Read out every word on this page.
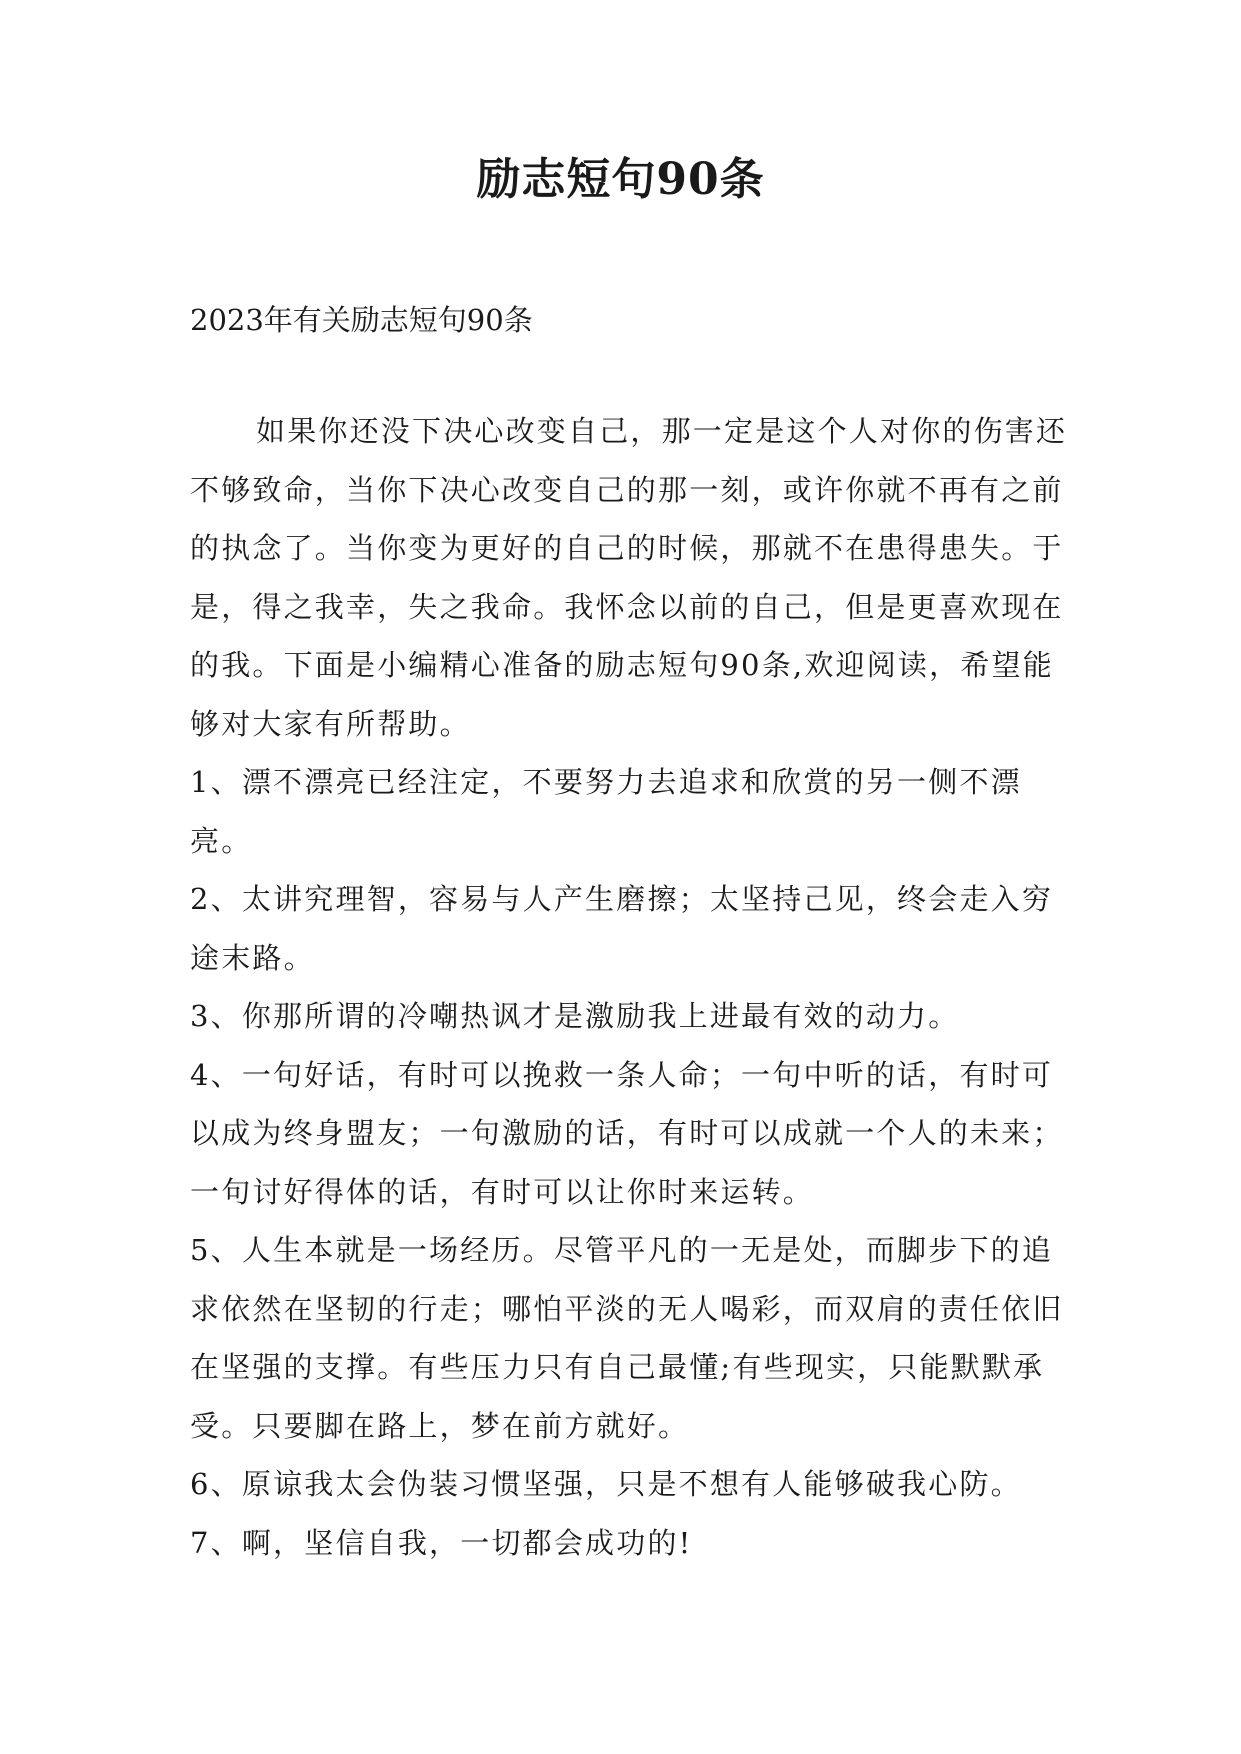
励志短句90条
2023年有关励志短句90条

如果你还没下决心改变自己，那一定是这个人对你的伤害还不够致命，当你下决心改变自己的那一刻，或许你就不再有之前的执念了。当你变为更好的自己的时候，那就不在患得患失。于是，得之我幸，失之我命。我怀念以前的自己，但是更喜欢现在的我。下面是小编精心准备的励志短句90条,欢迎阅读，希望能够对大家有所帮助。

1、漂不漂亮已经注定，不要努力去追求和欣赏的另一侧不漂亮。

2、太讲究理智，容易与人产生磨擦；太坚持己见，终会走入穷途末路。

3、你那所谓的冷嘲热讽才是激励我上进最有效的动力。

4、一句好话，有时可以挽救一条人命；一句中听的话，有时可以成为终身盟友；一句激励的话，有时可以成就一个人的未来；一句讨好得体的话，有时可以让你时来运转。

5、人生本就是一场经历。尽管平凡的一无是处，而脚步下的追求依然在坚韧的行走；哪怕平淡的无人喝彩，而双肩的责任依旧在坚强的支撑。有些压力只有自己最懂;有些现实，只能默默承受。只要脚在路上，梦在前方就好。

6、原谅我太会伪装习惯坚强，只是不想有人能够破我心防。

7、啊，坚信自我，一切都会成功的!
